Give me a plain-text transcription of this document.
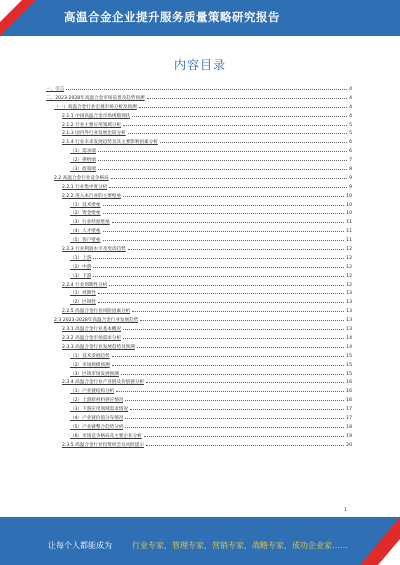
高温合金企业提升服务质量策略研究报告
内容目录
一、引言	4
二、2023-2028年高温合金市场前景及趋势预测	4
（一）高温合金行业宏观市场分析及预测	4
2.1.1 中国高温合金市场规模现状	4
2.1.2 行业主要应用领域分析	5
2.1.3 国内外行业发展比较分析	5
2.1.4 行业未来发展趋势及其主要影响因素分析	6
（1）需求端	6
（2）供给端	7
（3）政策端	8
2.2 高温合金行业竞争格局	9
2.2.1 行业集中度分析	9
2.2.2 进入本行业的主要壁垒	10
（1）技术壁垒	10
（2）资金壁垒	10
（3）行业经验壁垒	11
（4）人才壁垒	11
（5）客户壁垒	11
2.2.3 行业利润水平及变动趋势	12
（1）上游	12
（2）中游	12
（3）下游	12
2.2.4 行业周期性分析	12
（1）周期性	13
（2）区域性	13
2.2.5 高温合金行业风险因素分析	13
2.3 2023-2028年高温合金行业发展趋势	13
2.3.1 高温合金行业基本概况	13
2.3.2 高温合金市场需求分析	14
2.3.3 高温合金行业发展趋势及预测	14
（1）技术发展趋势	15
（2）市场规模预测	15
（3）区域市场发展预测	15
2.3.4 高温合金行业产业链及价值链分析	16
（1）产业链结构分析	16
（2）上游原材料供应情况	16
（3）下游应用领域需求情况	17
（4）产业链价值分布情况	17
（5）产业链整合趋势分析	18
（6）市场竞争格局及主要企业分析	19
2.3.5 高温合金行业投资机会及风险提示	20
1
让每个人都能成为	行业专家，管理专家，营销专家，战略专家，成功企业家……
